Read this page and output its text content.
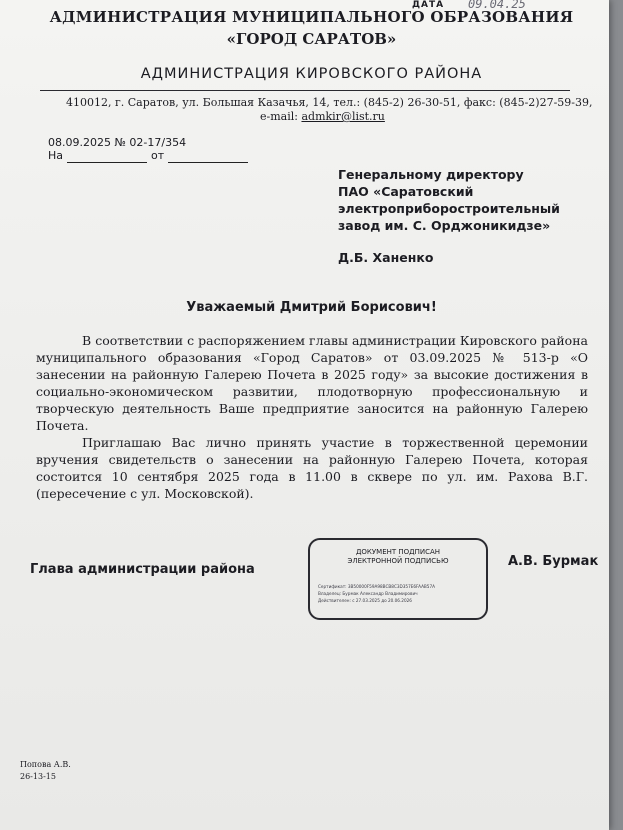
ДАТА 09.04.25
АДМИНИСТРАЦИЯ МУНИЦИПАЛЬНОГО ОБРАЗОВАНИЯ
«ГОРОД САРАТОВ»
АДМИНИСТРАЦИЯ КИРОВСКОГО РАЙОНА
410012, г. Саратов, ул. Большая Казачья, 14, тел.: (845-2) 26-30-51, факс: (845-2)27-59-39,
e-mail: admkir@list.ru
08.09.2025 № 02-17/354
На	от
Генеральному директору
ПАО «Саратовский
электроприборостроительный
завод им. С. Орджоникидзе»
Д.Б. Ханенко
Уважаемый Дмитрий Борисович!

В соответствии с распоряжением главы администрации Кировского района муниципального образования «Город Саратов» от 03.09.2025 № 513-р «О занесении на районную Галерею Почета в 2025 году» за высокие достижения в социально-экономическом развитии, плодотворную профессиональную и творческую деятельность Ваше предприятие заносится на районную Галерею Почета.

Приглашаю Вас лично принять участие в торжественной церемонии вручения свидетельств о занесении на районную Галерею Почета, которая состоится 10 сентября 2025 года в 11.00 в сквере по ул. им. Рахова В.Г. (пересечение с ул. Московской).

Глава администрации района
ДОКУМЕНТ ПОДПИСАН
ЭЛЕКТРОННОЙ ПОДПИСЬЮ
Сертификат: 3B50000F59A98BCB8C3D357E6FAAB57A
Владелец: Бурмак Александр Владимирович
Действителен: с 27.03.2025 до 20.06.2026
А.В. Бурмак
Попова А.В.
26-13-15
